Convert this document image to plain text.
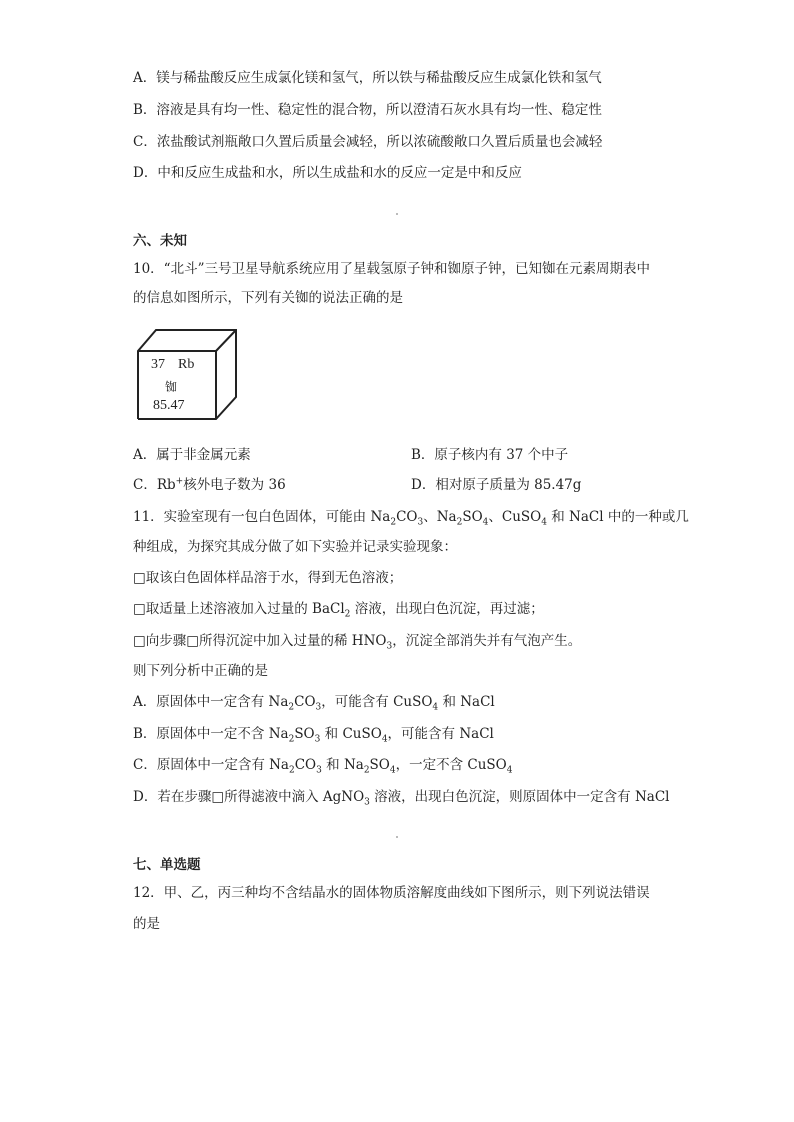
A．镁与稀盐酸反应生成氯化镁和氢气，所以铁与稀盐酸反应生成氯化铁和氢气
B．溶液是具有均一性、稳定性的混合物，所以澄清石灰水具有均一性、稳定性
C．浓盐酸试剂瓶敞口久置后质量会减轻，所以浓硫酸敞口久置后质量也会减轻
D．中和反应生成盐和水，所以生成盐和水的反应一定是中和反应
六、未知
10．“北斗”三号卫星导航系统应用了星载氢原子钟和铷原子钟，已知铷在元素周期表中
的信息如图所示，下列有关铷的说法正确的是
37 Rb
铷
85.47
A．属于非金属元素	B．原子核内有 37 个中子
C．Rb+核外电子数为 36	D．相对原子质量为 85.47g
11．实验室现有一包白色固体，可能由 $Na_2CO_3$、$Na_2SO_4$、CuSO$_4$ 和 NaCl 中的一种或几
种组成，为探究其成分做了如下实验并记录实验现象：
□取该白色固体样品溶于水，得到无色溶液；
□取适量上述溶液加入过量的 BaCl$_2$ 溶液，出现白色沉淀，再过滤；
□向步骤□所得沉淀中加入过量的稀 $HNO_3$，沉淀全部消失并有气泡产生。
则下列分析中正确的是
A．原固体中一定含有 $Na_2CO_3$，可能含有 CuSO$_4$ 和 NaCl
B．原固体中一定不含 $Na_2SO_3$ 和 CuSO$_4$，可能含有 NaCl
C．原固体中一定含有 $Na_2CO_3$ 和 $Na_2SO_4$，一定不含 CuSO$_4$
D．若在步骤□所得滤液中滴入 AgNO$_3$ 溶液，出现白色沉淀，则原固体中一定含有 NaCl
七、单选题
12．甲、乙，丙三种均不含结晶水的固体物质溶解度曲线如下图所示，则下列说法错误
的是
